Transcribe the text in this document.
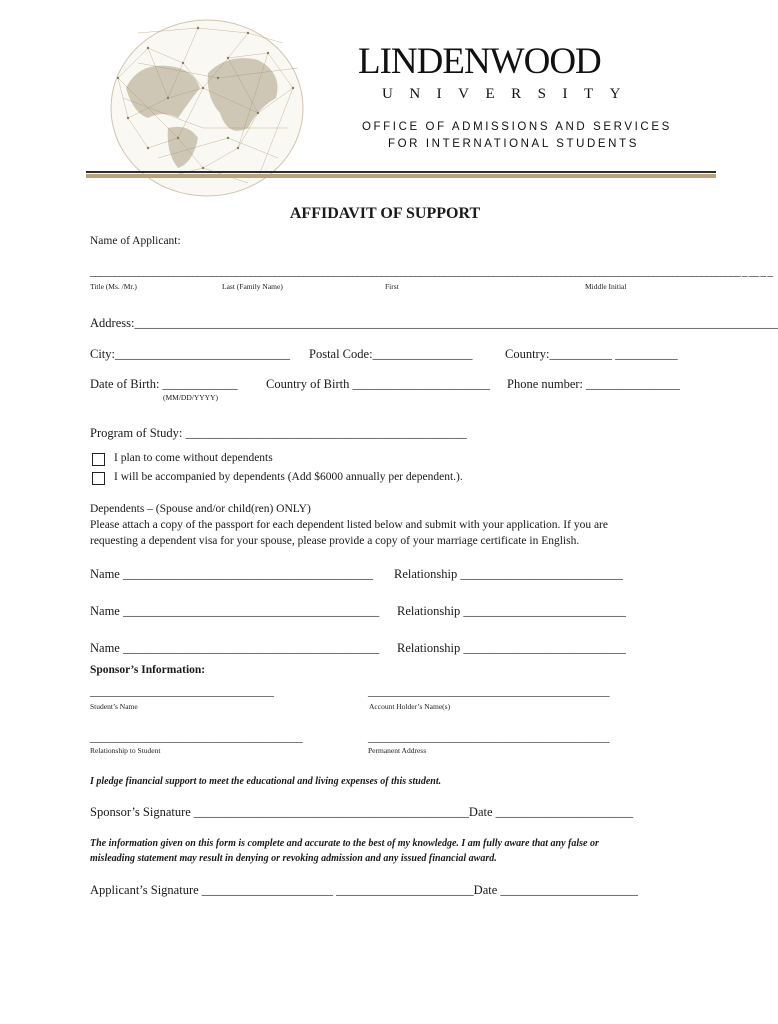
LINDENWOOD
UNIVERSITY
OFFICE OF ADMISSIONS AND SERVICES
FOR INTERNATIONAL STUDENTS
AFFIDAVIT OF SUPPORT
Name of Applicant:
______________________________________________________________________________________________________________________________________ _ __ _ _
Title (Ms. /Mr.)	Last (Family Name)	First	Middle Initial
Address:_______________________________________________________________________________________________________
City:____________________________ Postal Code:________________	Country:__________ __________
Date of Birth: ____________
(MM/DD/YYYY)
Country of Birth ______________________ Phone number: _______________
Program of Study: _____________________________________________
I plan to come without dependents
I will be accompanied by dependents (Add $6000 annually per dependent.).
Dependents – (Spouse and/or child(ren) ONLY)
Please attach a copy of the passport for each dependent listed below and submit with your application. If you are
requesting a dependent visa for your spouse, please provide a copy of your marriage certificate in English.
Name ________________________________________ Relationship __________________________
Name _________________________________________ Relationship __________________________
Name _________________________________________ Relationship __________________________
Sponsor’s Information:
________________________________	__________________________________________
Student’s Name	Account Holder’s Name(s)
_____________________________________	__________________________________________
Relationship to Student	Permanent Address
I pledge financial support to meet the educational and living expenses of this student.
Sponsor’s Signature ____________________________________________Date ______________________
The information given on this form is complete and accurate to the best of my knowledge. I am fully aware that any false or
misleading statement may result in denying or revoking admission and any issued financial award.
Applicant’s Signature _____________________ ______________________Date ______________________
